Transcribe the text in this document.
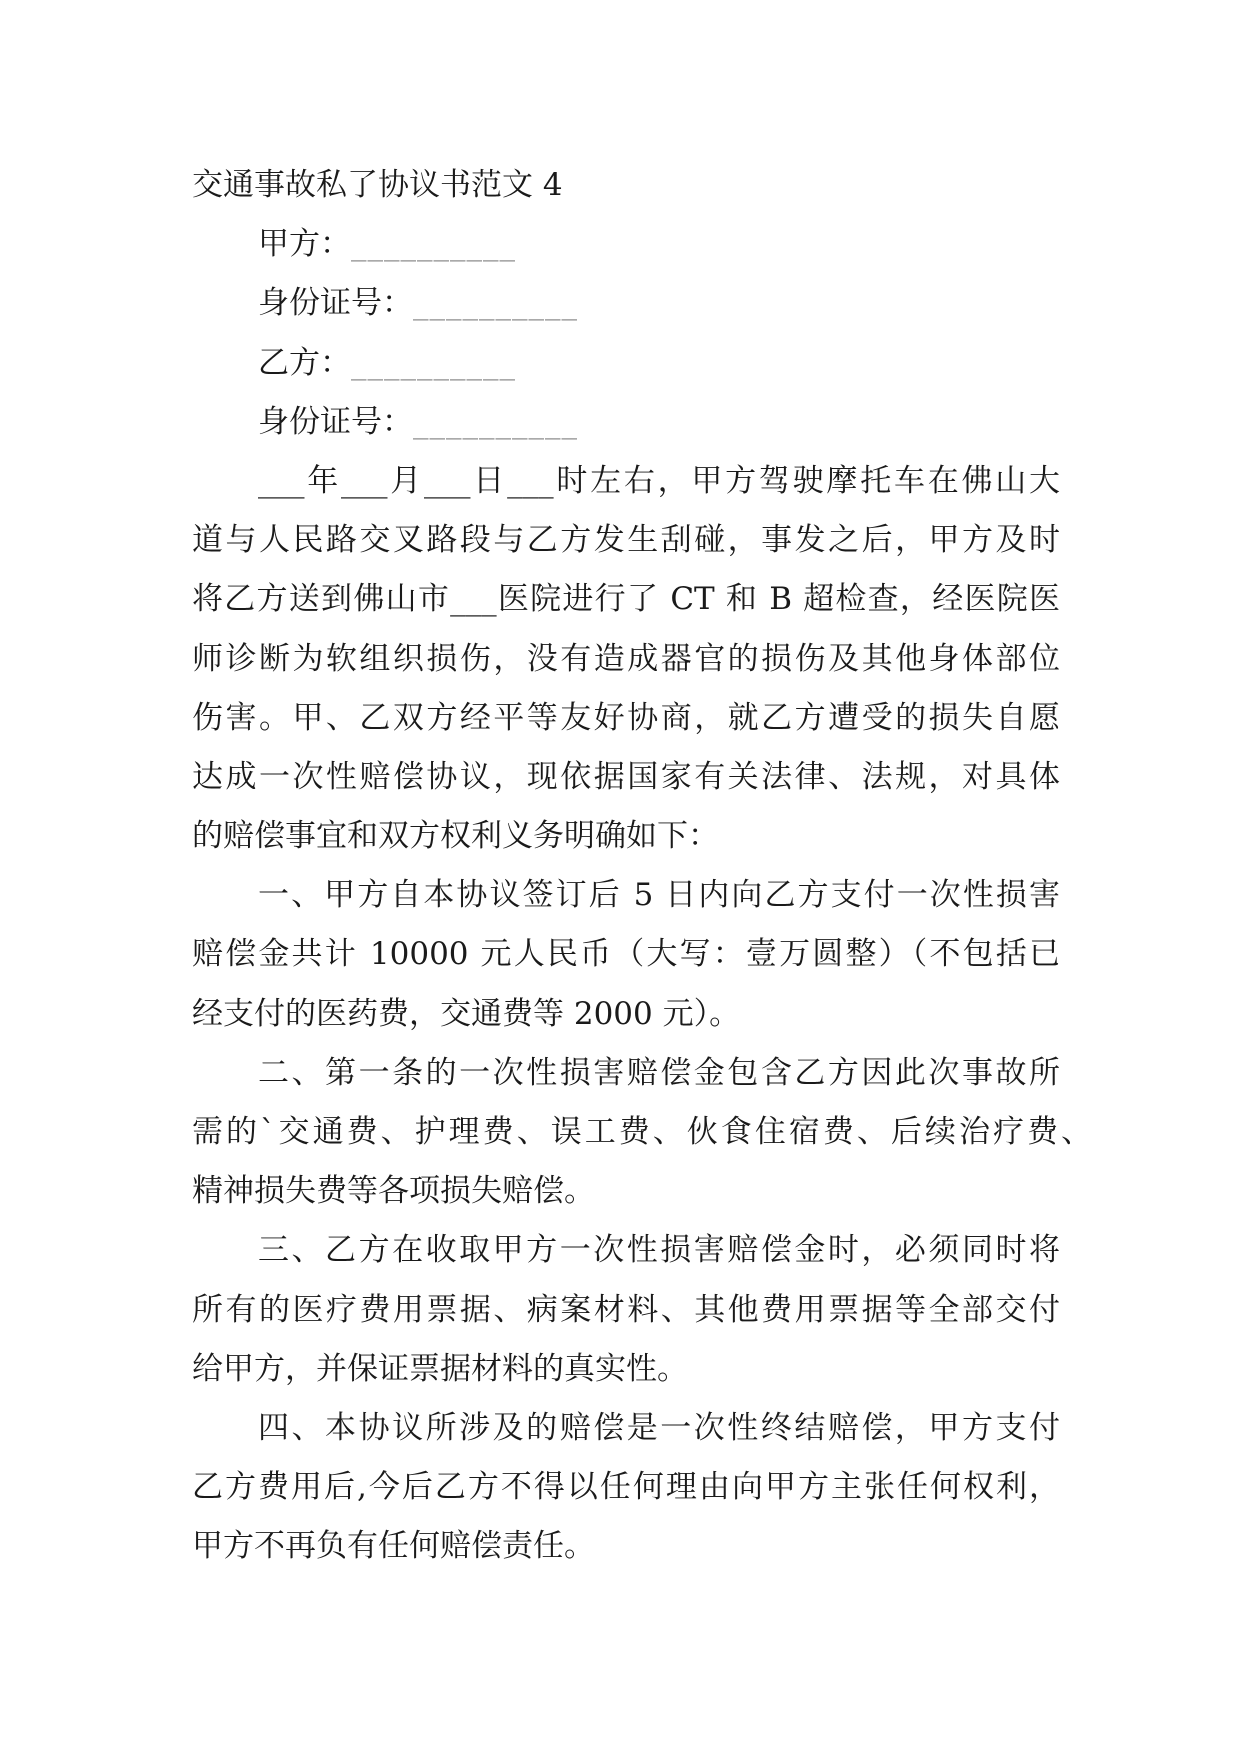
交通事故私了协议书范文 4
甲方：__________
身份证号：__________
乙方：__________
身份证号：__________
___年___月___日___时左右，甲方驾驶摩托车在佛山大
道与人民路交叉路段与乙方发生刮碰，事发之后，甲方及时
将乙方送到佛山市___医院进行了 CT 和 B 超检查，经医院医
师诊断为软组织损伤，没有造成器官的损伤及其他身体部位
伤害。甲、乙双方经平等友好协商，就乙方遭受的损失自愿
达成一次性赔偿协议，现依据国家有关法律、法规，对具体
的赔偿事宜和双方权利义务明确如下：
一、甲方自本协议签订后 5 日内向乙方支付一次性损害
赔偿金共计 10000 元人民币（大写：壹万圆整）（不包括已
经支付的医药费，交通费等 2000 元）。
二、第一条的一次性损害赔偿金包含乙方因此次事故所
需的`交通费、护理费、误工费、伙食住宿费、后续治疗费、
精神损失费等各项损失赔偿。
三、乙方在收取甲方一次性损害赔偿金时，必须同时将
所有的医疗费用票据、病案材料、其他费用票据等全部交付
给甲方，并保证票据材料的真实性。
四、本协议所涉及的赔偿是一次性终结赔偿，甲方支付
乙方费用后,今后乙方不得以任何理由向甲方主张任何权利，
甲方不再负有任何赔偿责任。
